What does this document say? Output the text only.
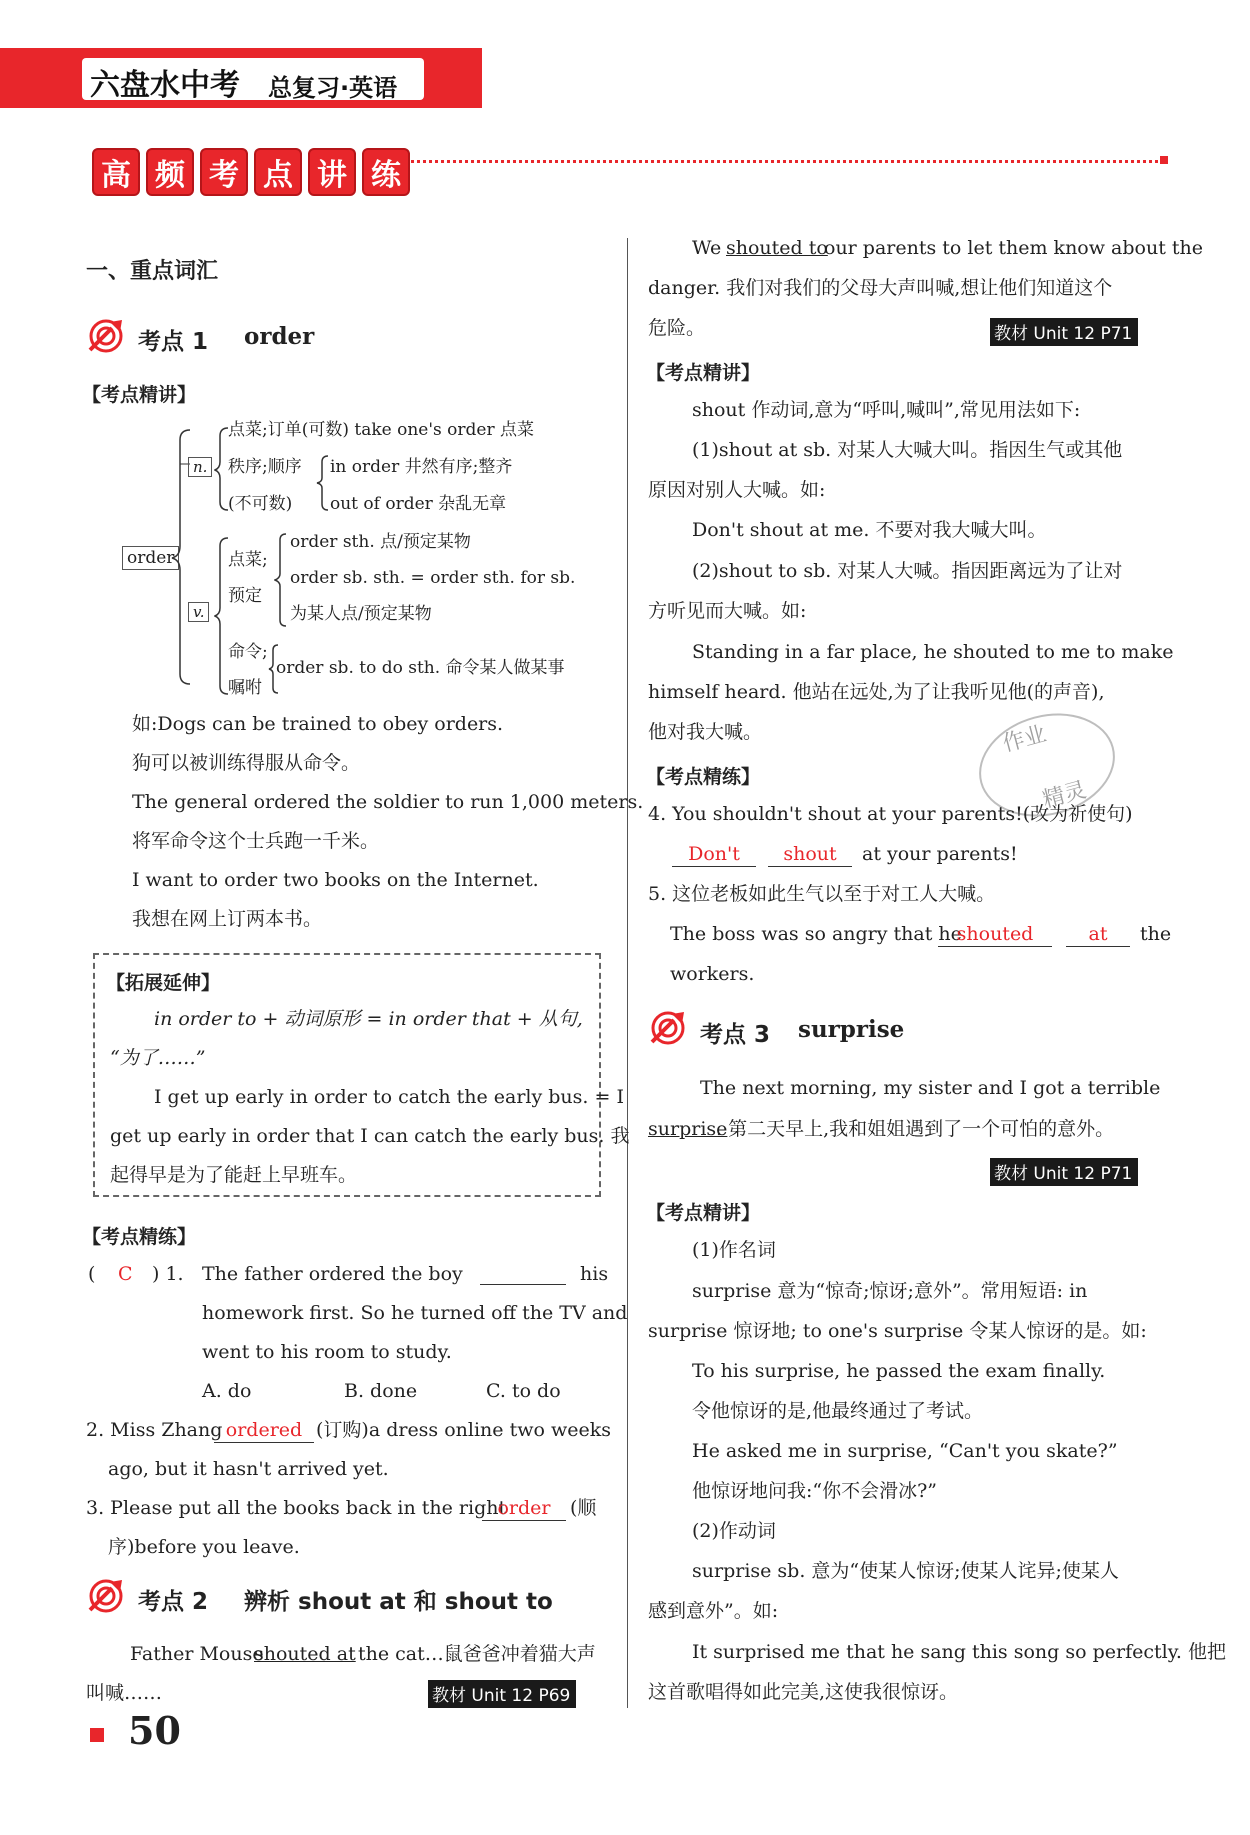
六盘水中考 总复习·英语
高 频 考 点 讲 练
一、重点词汇
考点 1 order
【考点精讲】
order
n.
点菜;订单(可数) take one's order 点菜
秩序;顺序
(不可数)
in order 井然有序;整齐
out of order 杂乱无章
v.
点菜;
预定
order sth. 点/预定某物
order sb. sth. = order sth. for sb.
为某人点/预定某物
命令;
嘱咐
order sb. to do sth. 命令某人做某事
如:Dogs can be trained to obey orders.
狗可以被训练得服从命令。
The general ordered the soldier to run 1,000 meters.
将军命令这个士兵跑一千米。
I want to order two books on the Internet.
我想在网上订两本书。
【拓展延伸】
in order to + 动词原形 = in order that + 从句,
“为了……”
I get up early in order to catch the early bus. = I
get up early in order that I can catch the early bus. 我
起得早是为了能赶上早班车。
【考点精练】
( C ) 1. The father ordered the boy	his
homework first. So he turned off the TV and
went to his room to study.
A. do	B. done	C. to do
2. Miss Zhang ordered (订购)a dress online two weeks
ago, but it hasn't arrived yet.
3. Please put all the books back in the right
order	(顺
序)before you leave.
考点 2 辨析 shout at 和 shout to
Father Mouse
shouted at the cat…鼠爸爸冲着猫大声
叫喊……	教材 Unit 12 P69
50
We shouted to
our parents to let them know about the
danger. 我们对我们的父母大声叫喊,想让他们知道这个
危险。	教材 Unit 12 P71
【考点精讲】
shout 作动词,意为“呼叫,喊叫”,常见用法如下:
(1)shout at sb. 对某人大喊大叫。指因生气或其他
原因对别人大喊。如:
Don't shout at me. 不要对我大喊大叫。
(2)shout to sb. 对某人大喊。指因距离远为了让对
方听见而大喊。如:
Standing in a far place, he shouted to me to make
himself heard. 他站在远处,为了让我听见他(的声音),
他对我大喊。	作业
精灵
【考点精练】
4. You shouldn't shout at your parents!(改为祈使句)
Don't	shout	at your parents!
5. 这位老板如此生气以至于对工人大喊。
The boss was so angry that he
shouted	at	the
workers.
考点 3 surprise
The next morning, my sister and I got a terrible
surprise
. 第二天早上,我和姐姐遇到了一个可怕的意外。
教材 Unit 12 P71
【考点精讲】
(1)作名词
surprise 意为“惊奇;惊讶;意外”。常用短语: in
surprise 惊讶地; to one's surprise 令某人惊讶的是。如:
To his surprise, he passed the exam finally.
令他惊讶的是,他最终通过了考试。
He asked me in surprise, “Can't you skate?”
他惊讶地问我:“你不会滑冰?”
(2)作动词
surprise sb. 意为“使某人惊讶;使某人诧异;使某人
感到意外”。如:
It surprised me that he sang this song so perfectly. 他把
这首歌唱得如此完美,这使我很惊讶。
